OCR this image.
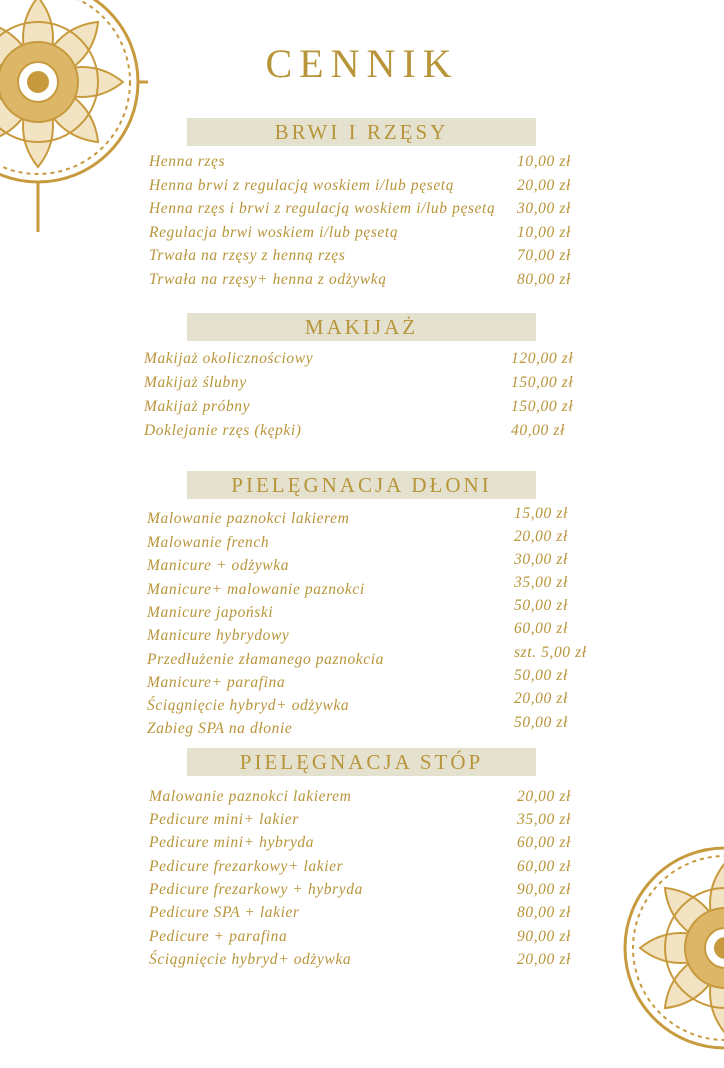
CENNIK
BRWI I RZĘSY
Henna rzęs	10,00 zł
Henna brwi z regulacją woskiem i/lub pęsetą	20,00 zł
Henna rzęs i brwi z regulacją woskiem i/lub pęsetą 30,00 zł
Regulacja brwi woskiem i/lub pęsetą	10,00 zł
Trwała na rzęsy z henną rzęs	70,00 zł
Trwała na rzęsy+ henna z odżywką	80,00 zł
MAKIJAŻ
Makijaż okolicznościowy	120,00 zł
Makijaż ślubny	150,00 zł
Makijaż próbny	150,00 zł
Doklejanie rzęs (kępki)	40,00 zł
PIELĘGNACJA DŁONI
Malowanie paznokci lakierem	15,00 zł
Malowanie french	20,00 zł
Manicure + odżywka	30,00 zł
Manicure+ malowanie paznokci	35,00 zł
Manicure japoński	50,00 zł
Manicure hybrydowy	60,00 zł
Przedłużenie złamanego paznokcia	szt. 5,00 zł
Manicure+ parafina	50,00 zł
Ściągnięcie hybryd+ odżywka	20,00 zł
Zabieg SPA na dłonie	50,00 zł
PIELĘGNACJA STÓP
Malowanie paznokci lakierem	20,00 zł
Pedicure mini+ lakier	35,00 zł
Pedicure mini+ hybryda	60,00 zł
Pedicure frezarkowy+ lakier	60,00 zł
Pedicure frezarkowy + hybryda	90,00 zł
Pedicure SPA + lakier	80,00 zł
Pedicure + parafina	90,00 zł
Ściągnięcie hybryd+ odżywka	20,00 zł
